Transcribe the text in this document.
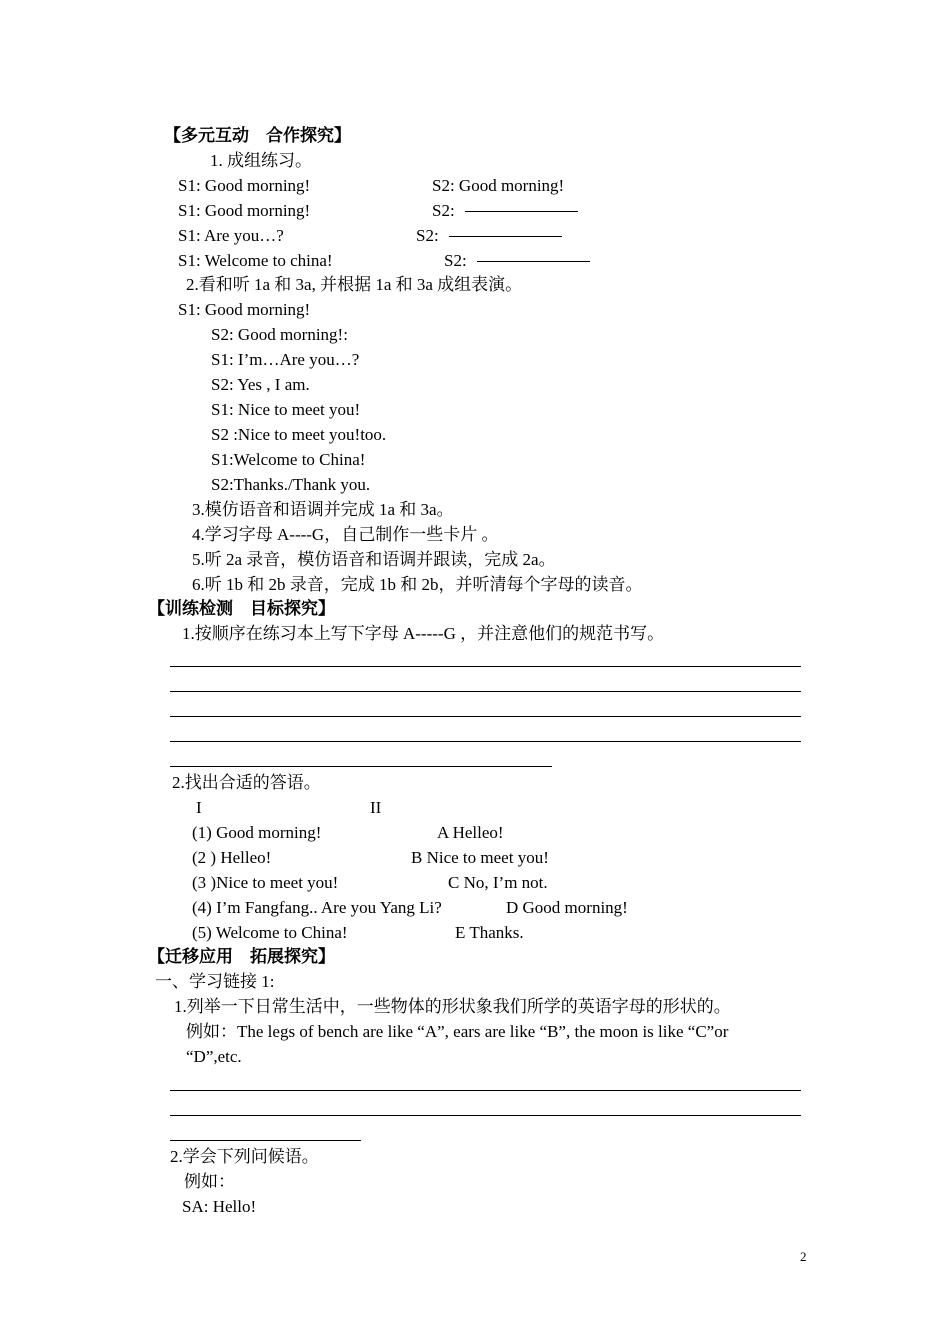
【多元互动　合作探究】
1. 成组练习。
S1: Good morning!	S2: Good morning!
S1: Good morning!	S2:
S1: Are you…?	S2:
S1: Welcome to china!	S2:
2.看和听 1a 和 3a, 并根据 1a 和 3a 成组表演。
S1: Good morning!
S2: Good morning!:
S1: I’m…Are you…?
S2: Yes , I am.
S1: Nice to meet you!
S2 :Nice to meet you!too.
S1:Welcome to China!
S2:Thanks./Thank you.
3.模仿语音和语调并完成 1a 和 3a。
4.学习字母 A----G，自己制作一些卡片 。
5.听 2a 录音，模仿语音和语调并跟读，完成 2a。
6.听 1b 和 2b 录音，完成 1b 和 2b，并听清每个字母的读音。
【训练检测　目标探究】
1.按顺序在练习本上写下字母 A-----G ，并注意他们的规范书写。
2.找出合适的答语。
I	II
(1) Good morning!	A Helleo!
(2 ) Helleo!	B Nice to meet you!
(3 )Nice to meet you!	C No, I’m not.
(4) I’m Fangfang.. Are you Yang Li?	D Good morning!
(5) Welcome to China!	E Thanks.
【迁移应用　拓展探究】
一、学习链接 1:
1.列举一下日常生活中，一些物体的形状象我们所学的英语字母的形状的。
例如：The legs of bench are like “A”, ears are like “B”, the moon is like “C”or
“D”,etc.
2.学会下列问候语。
例如：
SA: Hello!
2
